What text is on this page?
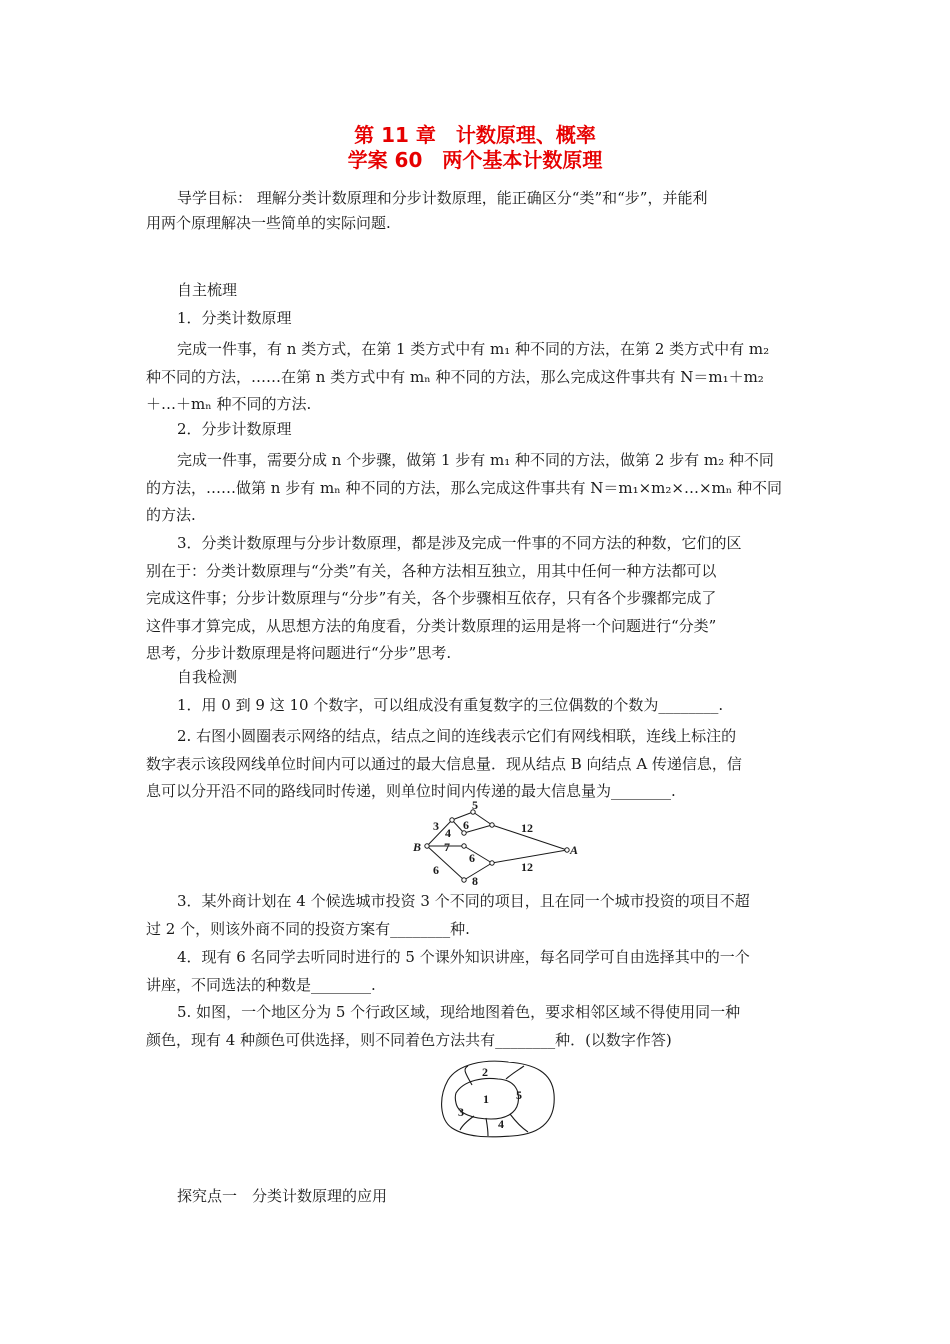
第 11 章　计数原理、概率
学案 60　两个基本计数原理
导学目标： 理解分类计数原理和分步计数原理，能正确区分“类”和“步”，并能利
用两个原理解决一些简单的实际问题.
自主梳理
1．分类计数原理
完成一件事，有 n 类方式，在第 1 类方式中有 m₁ 种不同的方法，在第 2 类方式中有 m₂
种不同的方法，……在第 n 类方式中有 mₙ 种不同的方法，那么完成这件事共有 N＝m₁＋m₂
＋…＋mₙ 种不同的方法.
2．分步计数原理
完成一件事，需要分成 n 个步骤，做第 1 步有 m₁ 种不同的方法，做第 2 步有 m₂ 种不同
的方法，……做第 n 步有 mₙ 种不同的方法，那么完成这件事共有 N＝m₁×m₂×…×mₙ 种不同
的方法.
3．分类计数原理与分步计数原理，都是涉及完成一件事的不同方法的种数，它们的区
别在于：分类计数原理与“分类”有关，各种方法相互独立，用其中任何一种方法都可以
完成这件事；分步计数原理与“分步”有关，各个步骤相互依存，只有各个步骤都完成了
这件事才算完成，从思想方法的角度看，分类计数原理的运用是将一个问题进行“分类”
思考，分步计数原理是将问题进行“分步”思考.
自我检测
1．用 0 到 9 这 10 个数字，可以组成没有重复数字的三位偶数的个数为________.
2. 右图小圆圈表示网络的结点，结点之间的连线表示它们有网线相联，连线上标注的
数字表示该段网线单位时间内可以通过的最大信息量．现从结点 B 向结点 A 传递信息，信
息可以分开沿不同的路线同时传递，则单位时间内传递的最大信息量为________.
B	A
3
5
4
6	12
7
6
6
8
12
3．某外商计划在 4 个候选城市投资 3 个不同的项目，且在同一个城市投资的项目不超
过 2 个，则该外商不同的投资方案有________种.
4．现有 6 名同学去听同时进行的 5 个课外知识讲座，每名同学可自由选择其中的一个
讲座，不同选法的种数是________.
5. 如图，一个地区分为 5 个行政区域，现给地图着色，要求相邻区域不得使用同一种
颜色，现有 4 种颜色可供选择，则不同着色方法共有________种．(以数字作答)
1
2
3
4
5
探究点一　分类计数原理的应用
